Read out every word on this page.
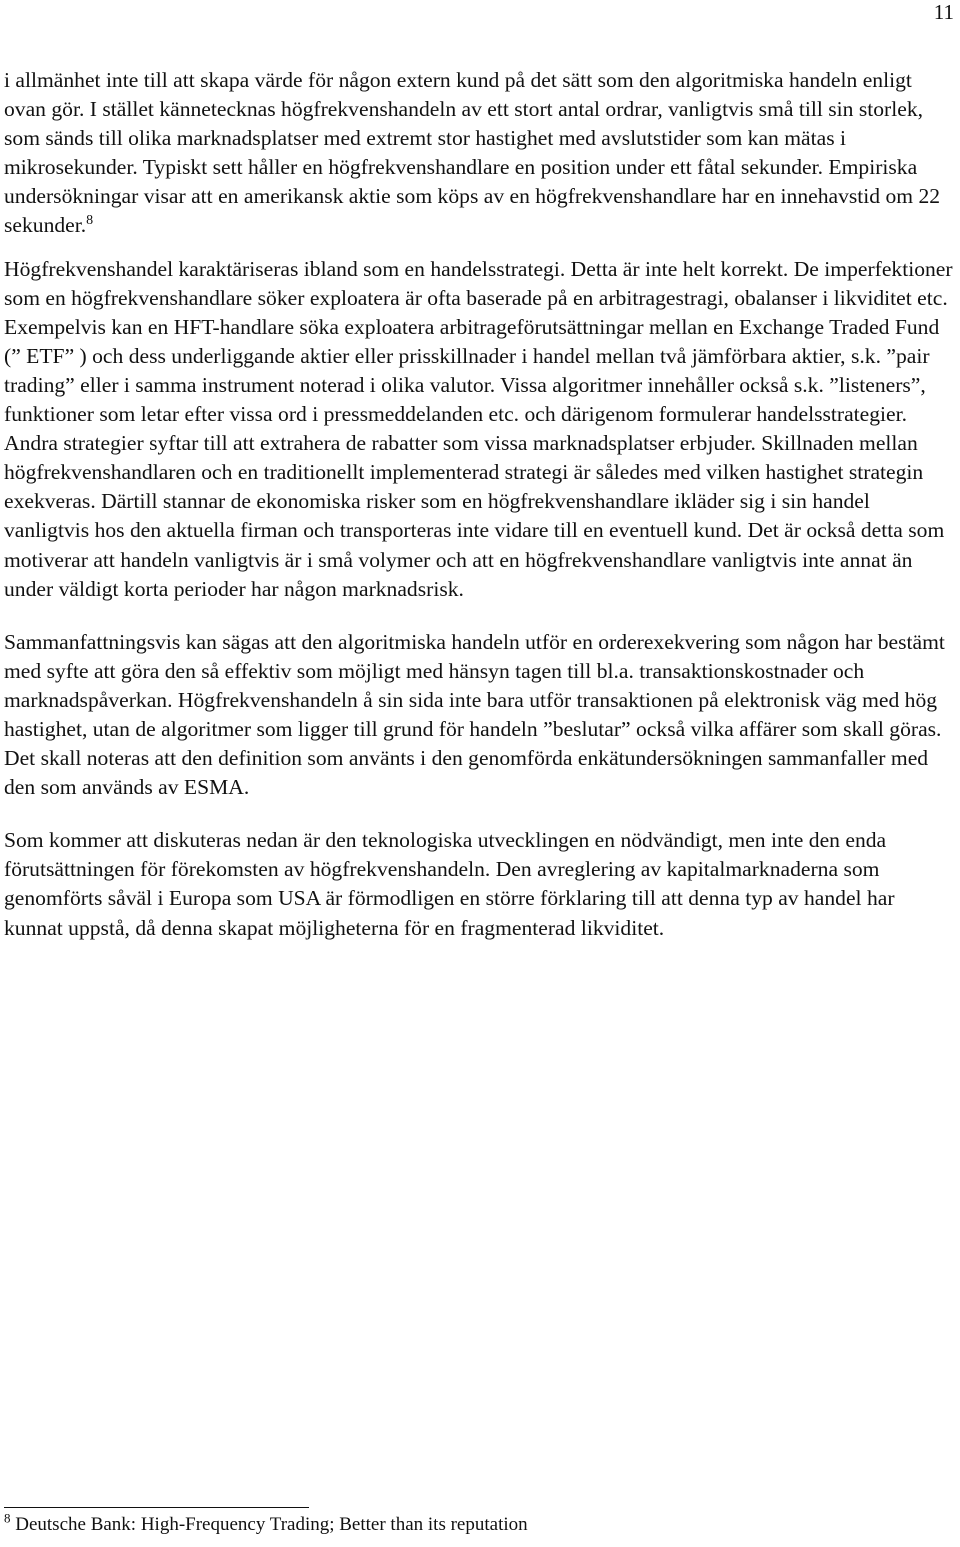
11

i allmänhet inte till att skapa värde för någon extern kund på det sätt som den algoritmiska handeln enligt ovan gör. I stället kännetecknas högfrekvenshandeln av ett stort antal ordrar, vanligtvis små till sin storlek, som sänds till olika marknadsplatser med extremt stor hastighet med avslutstider som kan mätas i mikrosekunder. Typiskt sett håller en högfrekvenshandlare en position under ett fåtal sekunder. Empiriska undersökningar visar att en amerikansk aktie som köps av en högfrekvenshandlare har en innehavstid om 22 sekunder.$^8$

Högfrekvenshandel karaktäriseras ibland som en handelsstrategi. Detta är inte helt korrekt. De imperfektioner som en högfrekvenshandlare söker exploatera är ofta baserade på en arbitragestragi, obalanser i likviditet etc. Exempelvis kan en HFT-handlare söka exploatera arbitrageförutsättningar mellan en Exchange Traded Fund (” ETF” ) och dess underliggande aktier eller prisskillnader i handel mellan två jämförbara aktier, s.k. ”pair trading” eller i samma instrument noterad i olika valutor. Vissa algoritmer innehåller också s.k. ”listeners”, funktioner som letar efter vissa ord i pressmeddelanden etc. och därigenom formulerar handelsstrategier. Andra strategier syftar till att extrahera de rabatter som vissa marknadsplatser erbjuder. Skillnaden mellan högfrekvenshandlaren och en traditionellt implementerad strategi är således med vilken hastighet strategin exekveras. Därtill stannar de ekonomiska risker som en högfrekvenshandlare ikläder sig i sin handel vanligtvis hos den aktuella firman och transporteras inte vidare till en eventuell kund. Det är också detta som motiverar att handeln vanligtvis är i små volymer och att en högfrekvenshandlare vanligtvis inte annat än under väldigt korta perioder har någon marknadsrisk.

Sammanfattningsvis kan sägas att den algoritmiska handeln utför en orderexekvering som någon har bestämt med syfte att göra den så effektiv som möjligt med hänsyn tagen till bl.a. transaktionskostnader och marknadspåverkan. Högfrekvenshandeln å sin sida inte bara utför transaktionen på elektronisk väg med hög hastighet, utan de algoritmer som ligger till grund för handeln ”beslutar” också vilka affärer som skall göras. Det skall noteras att den definition som använts i den genomförda enkätundersökningen sammanfaller med den som används av ESMA.

Som kommer att diskuteras nedan är den teknologiska utvecklingen en nödvändigt, men inte den enda förutsättningen för förekomsten av högfrekvenshandeln. Den avreglering av kapitalmarknaderna som genomförts såväl i Europa som USA är förmodligen en större förklaring till att denna typ av handel har kunnat uppstå, då denna skapat möjligheterna för en fragmenterad likviditet.

$^8$ Deutsche Bank: High-Frequency Trading; Better than its reputation
